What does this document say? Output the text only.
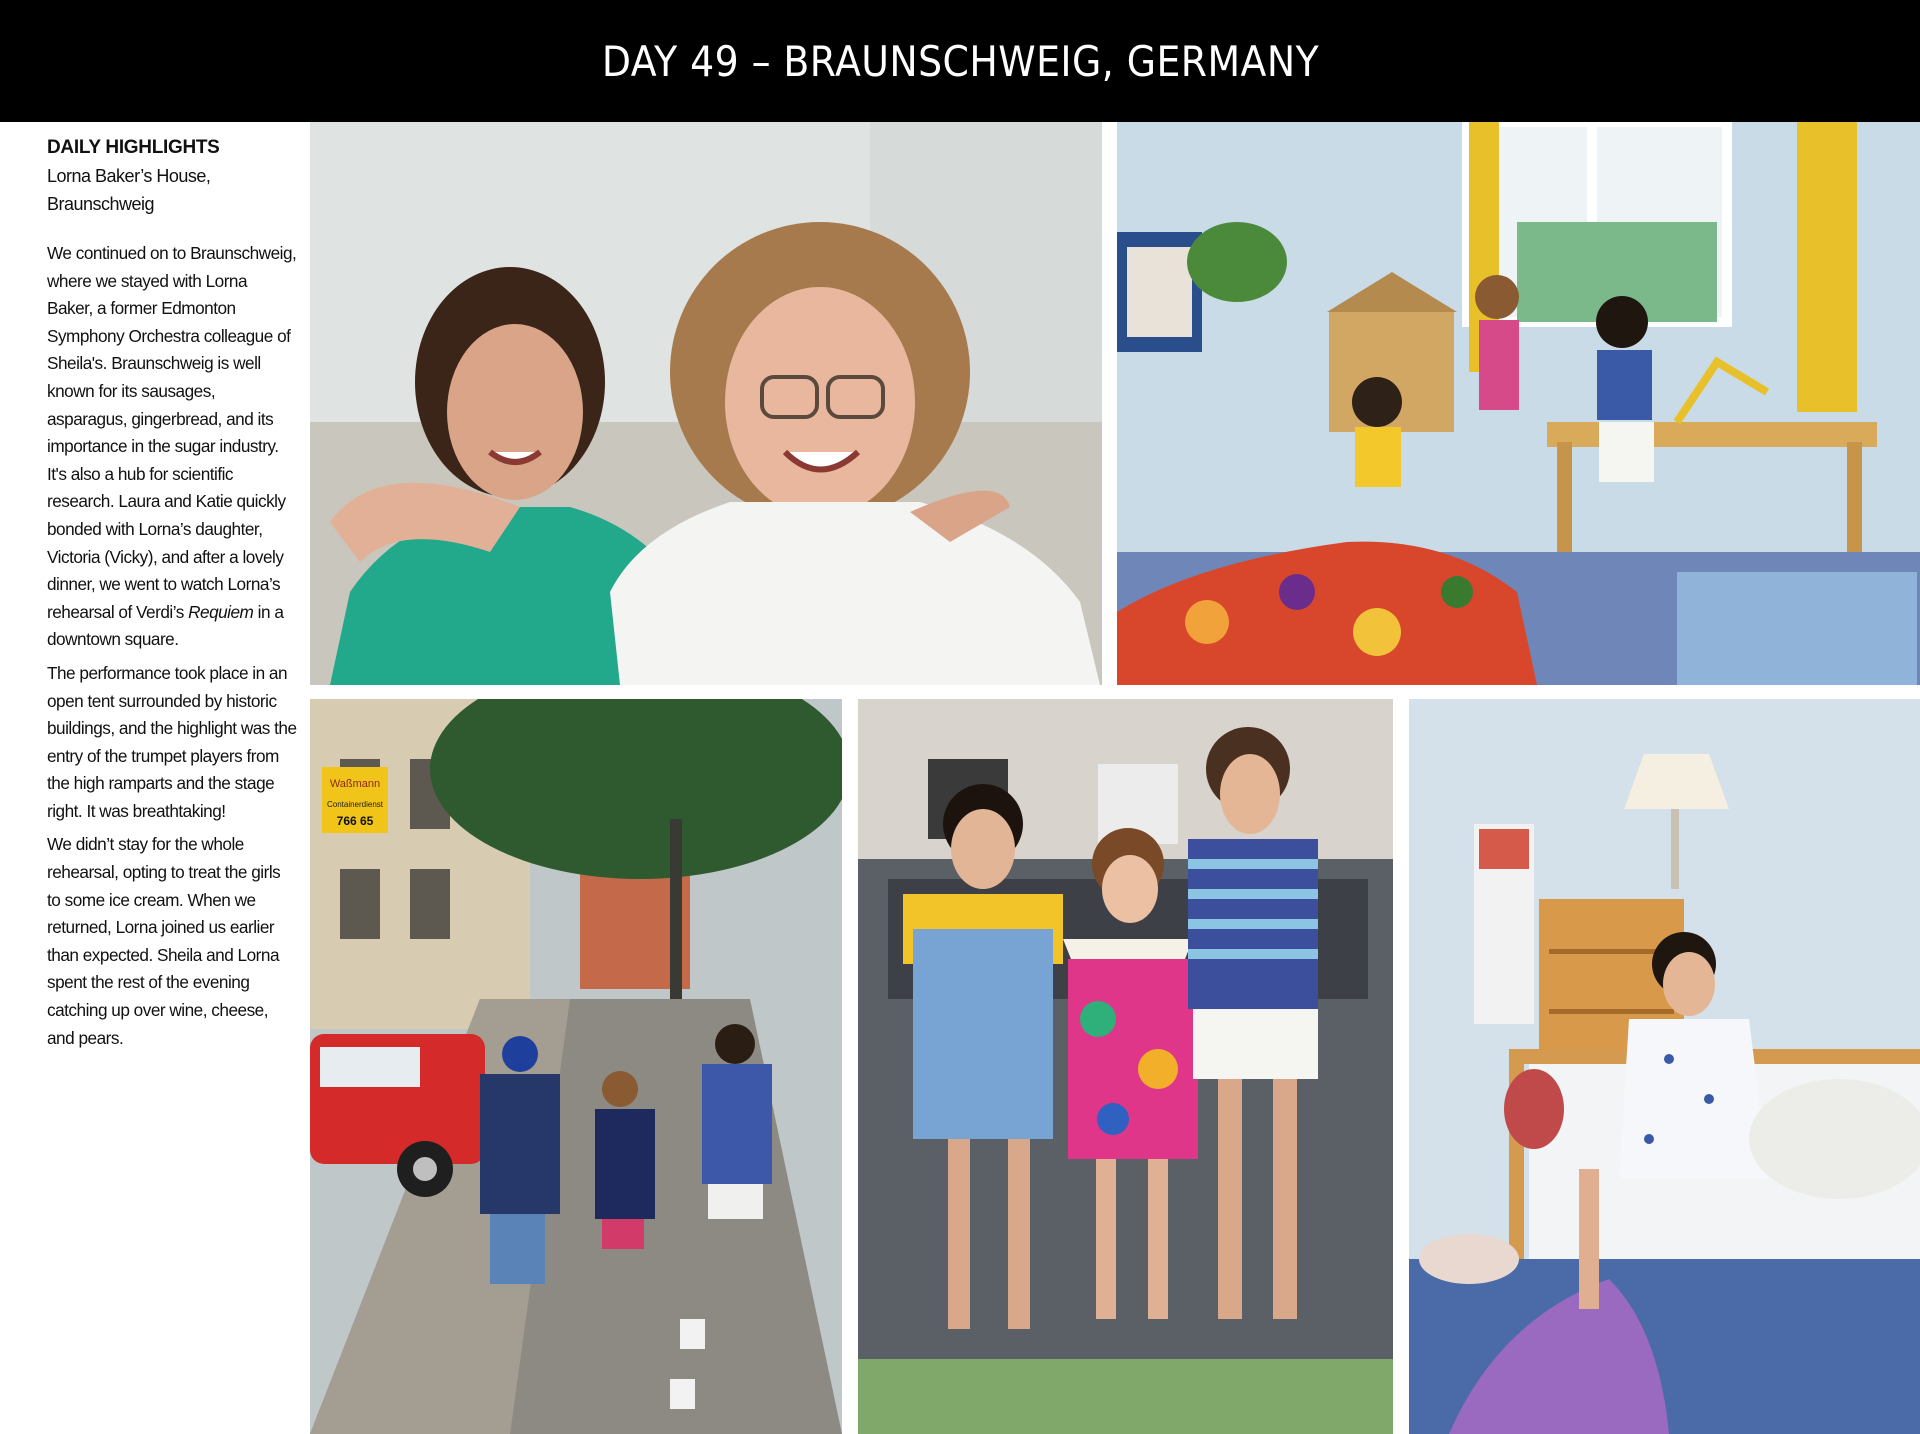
DAY 49 – BRAUNSCHWEIG, GERMANY

DAILY HIGHLIGHTS

Lorna Baker’s House,
Braunschweig

We continued on to Braunschweig, where we stayed with Lorna Baker, a former Edmonton Symphony Orchestra colleague of Sheila's. Braunschweig is well known for its sausages, asparagus, gingerbread, and its importance in the sugar industry. It's also a hub for scientific research. Laura and Katie quickly bonded with Lorna’s daughter, Victoria (Vicky), and after a lovely dinner, we went to watch Lorna’s rehearsal of Verdi’s Requiem in a downtown square.

The performance took place in an open tent surrounded by historic buildings, and the highlight was the entry of the trumpet players from the high ramparts and the stage right. It was breathtaking!

We didn’t stay for the whole rehearsal, opting to treat the girls to some ice cream. When we returned, Lorna joined us earlier than expected. Sheila and Lorna spent the rest of the evening catching up over wine, cheese, and pears.

Waßmann
Containerdienst
766 65
